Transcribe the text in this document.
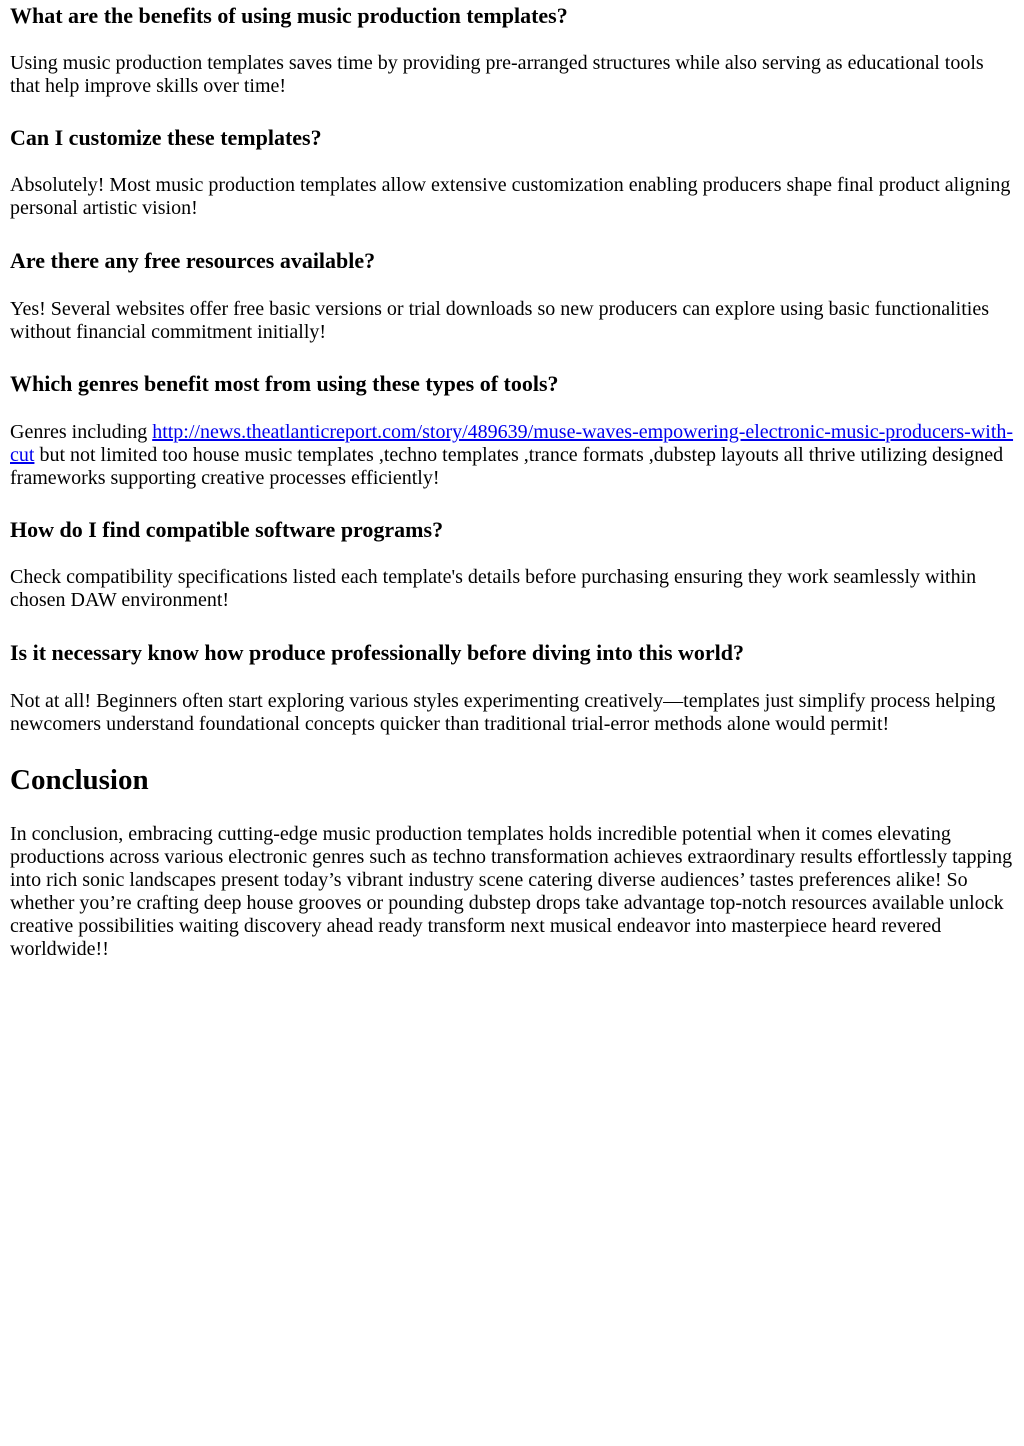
What are the benefits of using music production templates?

Using music production templates saves time by providing pre-arranged structures while also serving as educational tools that help improve skills over time!

Can I customize these templates?

Absolutely! Most music production templates allow extensive customization enabling producers shape final product aligning personal artistic vision!

Are there any free resources available?

Yes! Several websites offer free basic versions or trial downloads so new producers can explore using basic functionalities without financial commitment initially!

Which genres benefit most from using these types of tools?

Genres including http://news.theatlanticreport.com/story/489639/muse-waves-empowering-electronic-music-producers-with-cut but not limited too house music templates ,techno templates ,trance formats ,dubstep layouts all thrive utilizing designed frameworks supporting creative processes efficiently!

How do I find compatible software programs?

Check compatibility specifications listed each template's details before purchasing ensuring they work seamlessly within chosen DAW environment!

Is it necessary know how produce professionally before diving into this world?

Not at all! Beginners often start exploring various styles experimenting creatively—templates just simplify process helping newcomers understand foundational concepts quicker than traditional trial-error methods alone would permit!

Conclusion

In conclusion, embracing cutting-edge music production templates holds incredible potential when it comes elevating productions across various electronic genres such as techno transformation achieves extraordinary results effortlessly tapping into rich sonic landscapes present today’s vibrant industry scene catering diverse audiences’ tastes preferences alike! So whether you’re crafting deep house grooves or pounding dubstep drops take advantage top-notch resources available unlock creative possibilities waiting discovery ahead ready transform next musical endeavor into masterpiece heard revered worldwide!!
